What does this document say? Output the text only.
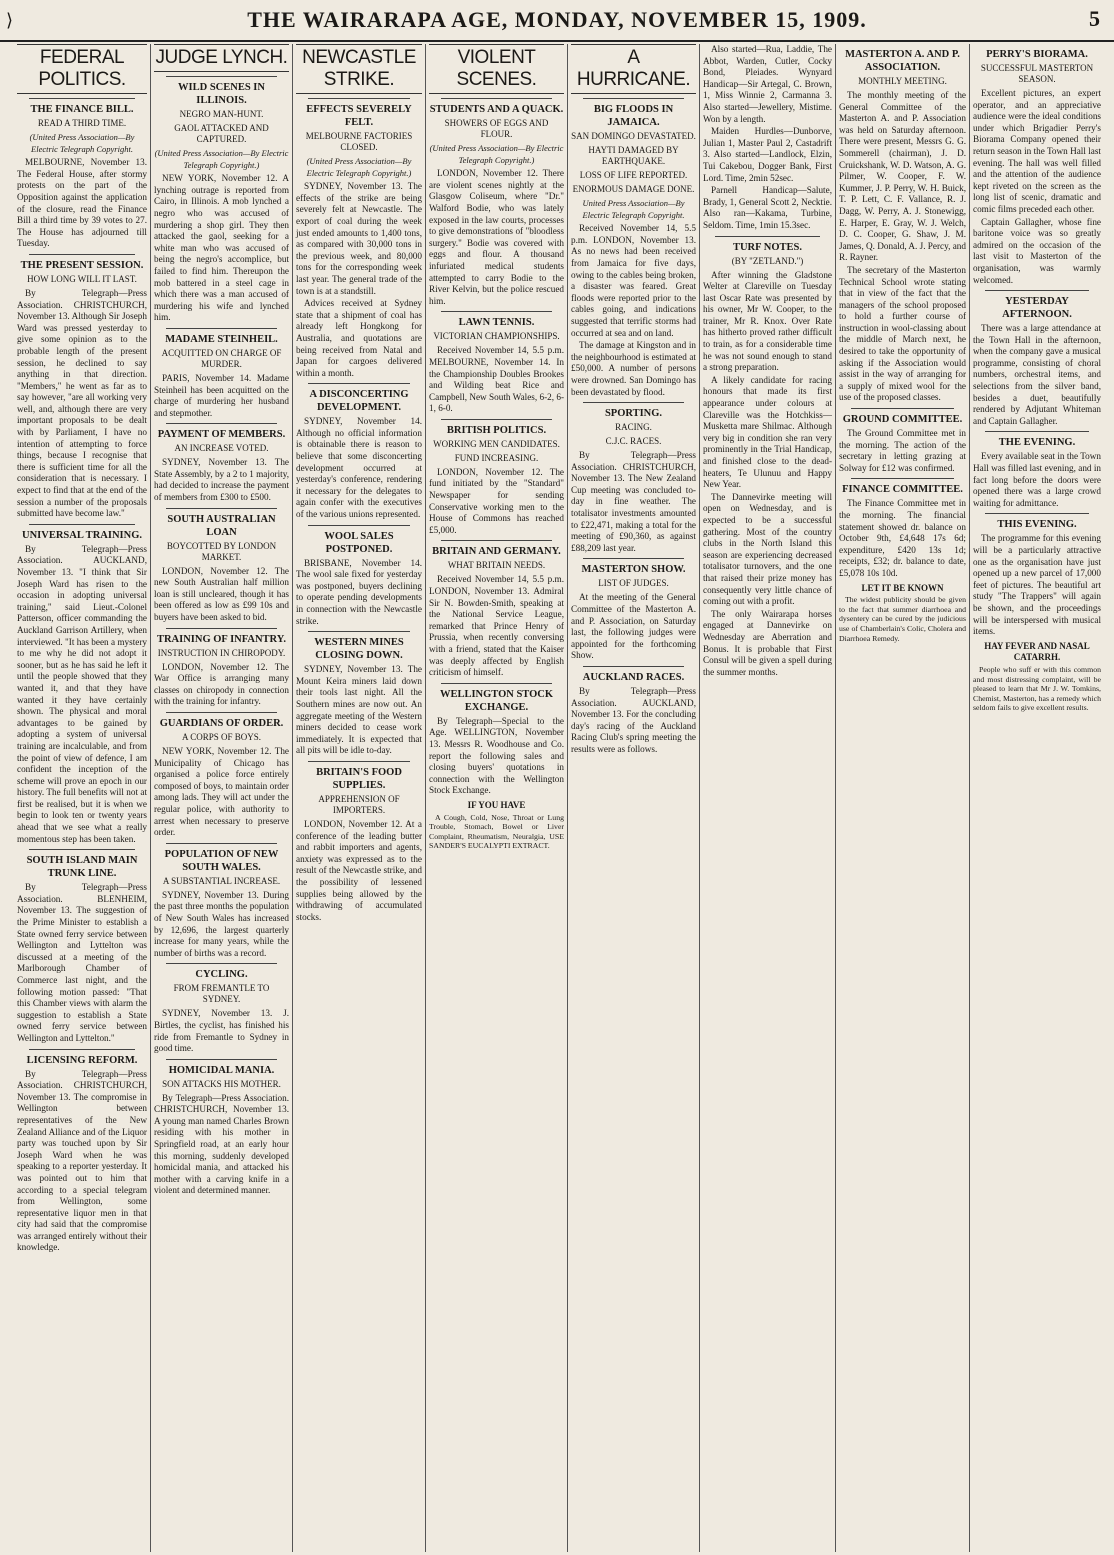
⟩	THE WAIRARAPA AGE, MONDAY, NOVEMBER 15, 1909.	5
FEDERAL POLITICS.
THE FINANCE BILL.
READ A THIRD TIME.
(United Press Association—By Electric Telegraph Copyright.
MELBOURNE, November 13. The Federal House, after stormy protests on the part of the Opposition against the application of the closure, read the Finance Bill a third time by 39 votes to 27. The House has adjourned till Tuesday.
THE PRESENT SESSION.
HOW LONG WILL IT LAST.
By Telegraph—Press Association. CHRISTCHURCH, November 13. Although Sir Joseph Ward was pressed yesterday to give some opinion as to the probable length of the present session, he declined to say anything in that direction. "Members," he went as far as to say however, "are all working very well, and, although there are very important proposals to be dealt with by Parliament, I have no intention of attempting to force things, because I recognise that there is sufficient time for all the consideration that is necessary. I expect to find that at the end of the session a number of the proposals submitted have become law."
UNIVERSAL TRAINING.
By Telegraph—Press Association. AUCKLAND, November 13. "I think that Sir Joseph Ward has risen to the occasion in adopting universal training," said Lieut.-Colonel Patterson, officer commanding the Auckland Garrison Artillery, when interviewed. "It has been a mystery to me why he did not adopt it sooner, but as he has said he left it until the people showed that they wanted it, and that they have wanted it they have certainly shown. The physical and moral advantages to be gained by adopting a system of universal training are incalculable, and from the point of view of defence, I am confident the inception of the scheme will prove an epoch in our history. The full benefits will not at first be realised, but it is when we begin to look ten or twenty years ahead that we see what a really momentous step has been taken.
SOUTH ISLAND MAIN TRUNK LINE.
By Telegraph—Press Association. BLENHEIM, November 13. The suggestion of the Prime Minister to establish a State owned ferry service between Wellington and Lyttelton was discussed at a meeting of the Marlborough Chamber of Commerce last night, and the following motion passed: "That this Chamber views with alarm the suggestion to establish a State owned ferry service between Wellington and Lyttelton."
LICENSING REFORM.
By Telegraph—Press Association. CHRISTCHURCH, November 13. The compromise in Wellington between representatives of the New Zealand Alliance and of the Liquor party was touched upon by Sir Joseph Ward when he was speaking to a reporter yesterday. It was pointed out to him that according to a special telegram from Wellington, some representative liquor men in that city had said that the compromise was arranged entirely without their knowledge.
JUDGE LYNCH.
WILD SCENES IN ILLINOIS.
NEGRO MAN-HUNT.
GAOL ATTACKED AND CAPTURED.
(United Press Association—By Electric Telegraph Copyright.)
NEW YORK, November 12. A lynching outrage is reported from Cairo, in Illinois. A mob lynched a negro who was accused of murdering a shop girl. They then attacked the gaol, seeking for a white man who was accused of being the negro's accomplice, but failed to find him. Thereupon the mob battered in a steel cage in which there was a man accused of murdering his wife and lynched him.
MADAME STEINHEIL.
ACQUITTED ON CHARGE OF MURDER.
PARIS, November 14. Madame Steinheil has been acquitted on the charge of murdering her husband and stepmother.
PAYMENT OF MEMBERS.
AN INCREASE VOTED.
SYDNEY, November 13. The State Assembly, by a 2 to 1 majority, had decided to increase the payment of members from £300 to £500.
SOUTH AUSTRALIAN LOAN
BOYCOTTED BY LONDON MARKET.
LONDON, November 12. The new South Australian half million loan is still uncleared, though it has been offered as low as £99 10s and buyers have been asked to bid.
TRAINING OF INFANTRY.
INSTRUCTION IN CHIROPODY.
LONDON, November 12. The War Office is arranging many classes on chiropody in connection with the training for infantry.
GUARDIANS OF ORDER.
A CORPS OF BOYS.
NEW YORK, November 12. The Municipality of Chicago has organised a police force entirely composed of boys, to maintain order among lads. They will act under the regular police, with authority to arrest when necessary to preserve order.
POPULATION OF NEW SOUTH WALES.
A SUBSTANTIAL INCREASE.
SYDNEY, November 13. During the past three months the population of New South Wales has increased by 12,696, the largest quarterly increase for many years, while the number of births was a record.
CYCLING.
FROM FREMANTLE TO SYDNEY.
SYDNEY, November 13. J. Birtles, the cyclist, has finished his ride from Fremantle to Sydney in good time.
HOMICIDAL MANIA.
SON ATTACKS HIS MOTHER.
By Telegraph—Press Association. CHRISTCHURCH, November 13. A young man named Charles Brown residing with his mother in Springfield road, at an early hour this morning, suddenly developed homicidal mania, and attacked his mother with a carving knife in a violent and determined manner.
NEWCASTLE STRIKE.
EFFECTS SEVERELY FELT.
MELBOURNE FACTORIES CLOSED.
(United Press Association—By Electric Telegraph Copyright.)
SYDNEY, November 13. The effects of the strike are being severely felt at Newcastle. The export of coal during the week just ended amounts to 1,400 tons, as compared with 30,000 tons in the previous week, and 80,000 tons for the corresponding week last year. The general trade of the town is at a standstill.
Advices received at Sydney state that a shipment of coal has already left Hongkong for Australia, and quotations are being received from Natal and Japan for cargoes delivered within a month.
A DISCONCERTING DEVELOPMENT.
SYDNEY, November 14. Although no official information is obtainable there is reason to believe that some disconcerting development occurred at yesterday's conference, rendering it necessary for the delegates to again confer with the executives of the various unions represented.
WOOL SALES POSTPONED.
BRISBANE, November 14. The wool sale fixed for yesterday was postponed, buyers declining to operate pending developments in connection with the Newcastle strike.
WESTERN MINES CLOSING DOWN.
SYDNEY, November 13. The Mount Keira miners laid down their tools last night. All the Southern mines are now out. An aggregate meeting of the Western miners decided to cease work immediately. It is expected that all pits will be idle to-day.
BRITAIN'S FOOD SUPPLIES.
APPREHENSION OF IMPORTERS.
LONDON, November 12. At a conference of the leading butter and rabbit importers and agents, anxiety was expressed as to the result of the Newcastle strike, and the possibility of lessened supplies being allowed by the withdrawing of accumulated stocks.
VIOLENT SCENES.
STUDENTS AND A QUACK.
SHOWERS OF EGGS AND FLOUR.
(United Press Association—By Electric Telegraph Copyright.)
LONDON, November 12. There are violent scenes nightly at the Glasgow Coliseum, where "Dr." Walford Bodie, who was lately exposed in the law courts, processes to give demonstrations of "bloodless surgery." Bodie was covered with eggs and flour. A thousand infuriated medical students attempted to carry Bodie to the River Kelvin, but the police rescued him.
LAWN TENNIS.
VICTORIAN CHAMPIONSHIPS.
Received November 14, 5.5 p.m. MELBOURNE, November 14. In the Championship Doubles Brookes and Wilding beat Rice and Campbell, New South Wales, 6-2, 6-1, 6-0.
BRITISH POLITICS.
WORKING MEN CANDIDATES.
FUND INCREASING.
LONDON, November 12. The fund initiated by the "Standard" Newspaper for sending Conservative working men to the House of Commons has reached £5,000.
BRITAIN AND GERMANY.
WHAT BRITAIN NEEDS.
Received November 14, 5.5 p.m. LONDON, November 13. Admiral Sir N. Bowden-Smith, speaking at the National Service League, remarked that Prince Henry of Prussia, when recently conversing with a friend, stated that the Kaiser was deeply affected by English criticism of himself.
WELLINGTON STOCK EXCHANGE.
By Telegraph—Special to the Age. WELLINGTON, November 13. Messrs R. Woodhouse and Co. report the following sales and closing buyers' quotations in connection with the Wellington Stock Exchange.
IF YOU HAVE
A Cough, Cold, Nose, Throat or Lung Trouble, Stomach, Bowel or Liver Complaint, Rheumatism, Neuralgia, USE SANDER'S EUCALYPTI EXTRACT.
A HURRICANE.
BIG FLOODS IN JAMAICA.
SAN DOMINGO DEVASTATED.
HAYTI DAMAGED BY EARTHQUAKE.
LOSS OF LIFE REPORTED.
ENORMOUS DAMAGE DONE.
United Press Association—By Electric Telegraph Copyright.
Received November 14, 5.5 p.m. LONDON, November 13. As no news had been received from Jamaica for five days, owing to the cables being broken, a disaster was feared. Great floods were reported prior to the cables going, and indications suggested that terrific storms had occurred at sea and on land.
The damage at Kingston and in the neighbourhood is estimated at £50,000. A number of persons were drowned. San Domingo has been devastated by flood.
SPORTING.
RACING.
C.J.C. RACES.
By Telegraph—Press Association. CHRISTCHURCH, November 13. The New Zealand Cup meeting was concluded to-day in fine weather. The totalisator investments amounted to £22,471, making a total for the meeting of £90,360, as against £88,209 last year.
MASTERTON SHOW.
LIST OF JUDGES.
At the meeting of the General Committee of the Masterton A. and P. Association, on Saturday last, the following judges were appointed for the forthcoming Show.
AUCKLAND RACES.
By Telegraph—Press Association. AUCKLAND, November 13. For the concluding day's racing of the Auckland Racing Club's spring meeting the results were as follows.
Also started—Rua, Laddie, The Abbot, Warden, Cutler, Cocky Bond, Pleiades. Wynyard Handicap—Sir Artegal, C. Brown, 1, Miss Winnie 2, Carmanna 3. Also started—Jewellery, Mistime. Won by a length.
Maiden Hurdles—Dunborve, Julian 1, Master Paul 2, Castadrift 3. Also started—Landlock, Elzin, Tui Cakebou, Dogger Bank, First Lord. Time, 2min 52sec.
Parnell Handicap—Salute, Brady, 1, General Scott 2, Necktie. Also ran—Kakama, Turbine, Seldom. Time, 1min 15.3sec.
TURF NOTES.
(BY "ZETLAND.")
After winning the Gladstone Welter at Clareville on Tuesday last Oscar Rate was presented by his owner, Mr W. Cooper, to the trainer, Mr R. Knox. Over Rate has hitherto proved rather difficult to train, as for a considerable time he was not sound enough to stand a strong preparation.
A likely candidate for racing honours that made its first appearance under colours at Clareville was the Hotchkiss—Musketta mare Shilmac. Although very big in condition she ran very prominently in the Trial Handicap, and finished close to the dead-heaters, Te Ulunuu and Happy New Year.
The Dannevirke meeting will open on Wednesday, and is expected to be a successful gathering. Most of the country clubs in the North Island this season are experiencing decreased totalisator turnovers, and the one that raised their prize money has consequently very little chance of coming out with a profit.
The only Wairarapa horses engaged at Dannevirke on Wednesday are Aberration and Bonus. It is probable that First Consul will be given a spell during the summer months.
MASTERTON A. AND P. ASSOCIATION.
MONTHLY MEETING.
The monthly meeting of the General Committee of the Masterton A. and P. Association was held on Saturday afternoon. There were present, Messrs G. G. Sommerell (chairman), J. D. Cruickshank, W. D. Watson, A. G. Pilmer, W. Cooper, F. W. Kummer, J. P. Perry, W. H. Buick, T. P. Lett, C. F. Vallance, R. J. Dagg, W. Perry, A. J. Stonewigg, E. Harper, E. Gray, W. J. Welch, D. C. Cooper, G. Shaw, J. M. James, Q. Donald, A. J. Percy, and R. Rayner.
The secretary of the Masterton Technical School wrote stating that in view of the fact that the managers of the school proposed to hold a further course of instruction in wool-classing about the middle of March next, he desired to take the opportunity of asking if the Association would assist in the way of arranging for a supply of mixed wool for the use of the proposed classes.
GROUND COMMITTEE.
The Ground Committee met in the morning. The action of the secretary in letting grazing at Solway for £12 was confirmed.
FINANCE COMMITTEE.
The Finance Committee met in the morning. The financial statement showed dr. balance on October 9th, £4,648 17s 6d; expenditure, £420 13s 1d; receipts, £32; dr. balance to date, £5,078 10s 10d.
LET IT BE KNOWN
The widest publicity should be given to the fact that summer diarrhoea and dysentery can be cured by the judicious use of Chamberlain's Colic, Cholera and Diarrhoea Remedy.
PERRY'S BIORAMA.
SUCCESSFUL MASTERTON SEASON.
Excellent pictures, an expert operator, and an appreciative audience were the ideal conditions under which Brigadier Perry's Biorama Company opened their return season in the Town Hall last evening. The hall was well filled and the attention of the audience kept riveted on the screen as the long list of scenic, dramatic and comic films preceded each other.
Captain Gallagher, whose fine baritone voice was so greatly admired on the occasion of the last visit to Masterton of the organisation, was warmly welcomed.
YESTERDAY AFTERNOON.
There was a large attendance at the Town Hall in the afternoon, when the company gave a musical programme, consisting of choral numbers, orchestral items, and selections from the silver band, besides a duet, beautifully rendered by Adjutant Whiteman and Captain Gallagher.
THE EVENING.
Every available seat in the Town Hall was filled last evening, and in fact long before the doors were opened there was a large crowd waiting for admittance.
THIS EVENING.
The programme for this evening will be a particularly attractive one as the organisation have just opened up a new parcel of 17,000 feet of pictures. The beautiful art study "The Trappers" will again be shown, and the proceedings will be interspersed with musical items.
HAY FEVER AND NASAL CATARRH.
People who suff er with this common and most distressing complaint, will be pleased to learn that Mr J. W. Tomkins, Chemist, Masterton, has a remedy which seldom fails to give excellent results.
